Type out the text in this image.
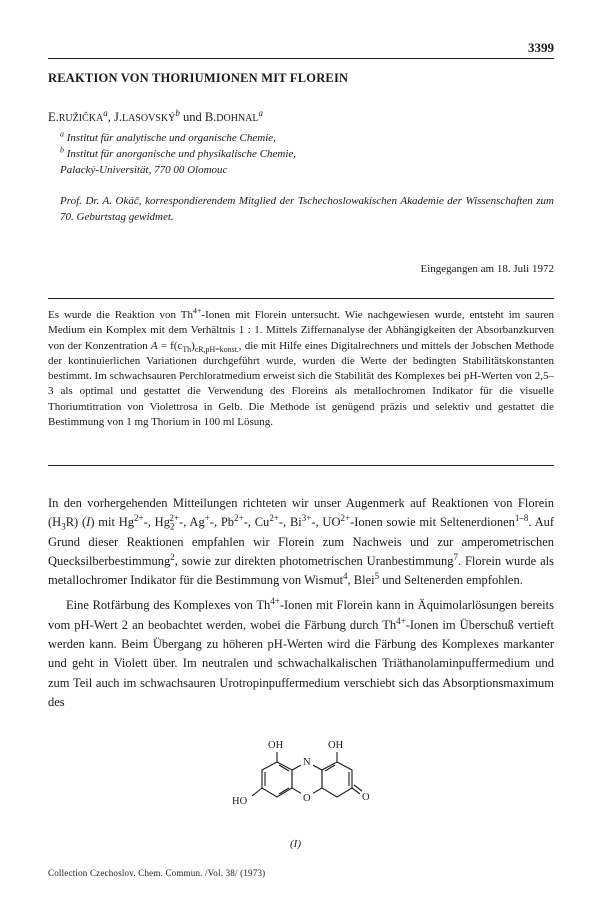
3399
REAKTION VON THORIUMIONEN MIT FLOREIN
E.RUŽIČKA$^a$, J.LASOVSKÝ$^b$ und B.DOHNAL$^a$
$^a$ Institut für analytische und organische Chemie,
$^b$ Institut für anorganische und physikalische Chemie,
Palacký-Universität, 770 00 Olomouc
Prof. Dr. A. Okáč, korrespondierendem Mitglied der Tschechoslowakischen Akademie der Wissenschaften zum 70. Geburtstag gewidmet.
Eingegangen am 18. Juli 1972
Es wurde die Reaktion von $Th^{4+}$-Ionen mit Florein untersucht. Wie nachgewiesen wurde, entsteht im sauren Medium ein Komplex mit dem Verhältnis 1 : 1. Mittels Ziffernanalyse der Abhängigkeiten der Absorbanzkurven von der Konzentration $A = f(c_{Th})_{cR,pH=konst.}$, die mit Hilfe eines Digitalrechners und mittels der Jobschen Methode der kontinuierlichen Variationen durchgeführt wurde, wurden die Werte der bedingten Stabilitätskonstanten bestimmt. Im schwachsauren Perchloratmedium erweist sich die Stabilität des Komplexes bei pH-Werten von 2,5–3 als optimal und gestattet die Verwendung des Floreins als metallochromen Indikator für die visuelle Thoriumtitration von Violettrosa in Gelb. Die Methode ist genügend präzis und selektiv und gestattet die Bestimmung von 1 mg Thorium in 100 ml Lösung.

In den vorhergehenden Mitteilungen richteten wir unser Augenmerk auf Reaktionen von Florein $(H_3R)$ (I) mit $Hg^{2+}-$, $Hg_2^{2+}-$, Ag+-, $Pb^{2+}-$, $Cu^{2+}-$, $Bi^{3+}-$, $UO^{2+}$-Ionen sowie mit Seltenerdionen$^{1-8}$. Auf Grund dieser Reaktionen empfahlen wir Florein zum Nachweis und zur amperometrischen Quecksilberbestimmung$^2$, sowie zur direkten photometrischen Uranbestimmung$^7$. Florein wurde als metallochromer Indikator für die Bestimmung von Wismut$^4$, Blei$^5$ und Seltenerden empfohlen.

Eine Rotfärbung des Komplexes von $Th^{4+}$-Ionen mit Florein kann in Äquimolarlösungen bereits vom pH-Wert 2 an beobachtet werden, wobei die Färbung durch $Th^{4+}$-Ionen im Überschuß vertieft werden kann. Beim Übergang zu höheren pH-Werten wird die Färbung des Komplexes markanter und geht in Violett über. Im neutralen und schwachalkalischen Triäthanolaminpuffermedium und zum Teil auch im schwachsauren Urotropinpuffermedium verschiebt sich das Absorptionsmaximum des

OH	OH
N
O
HO	O
(I)
Collection Czechoslov. Chem. Commun. /Vol. 38/ (1973)
